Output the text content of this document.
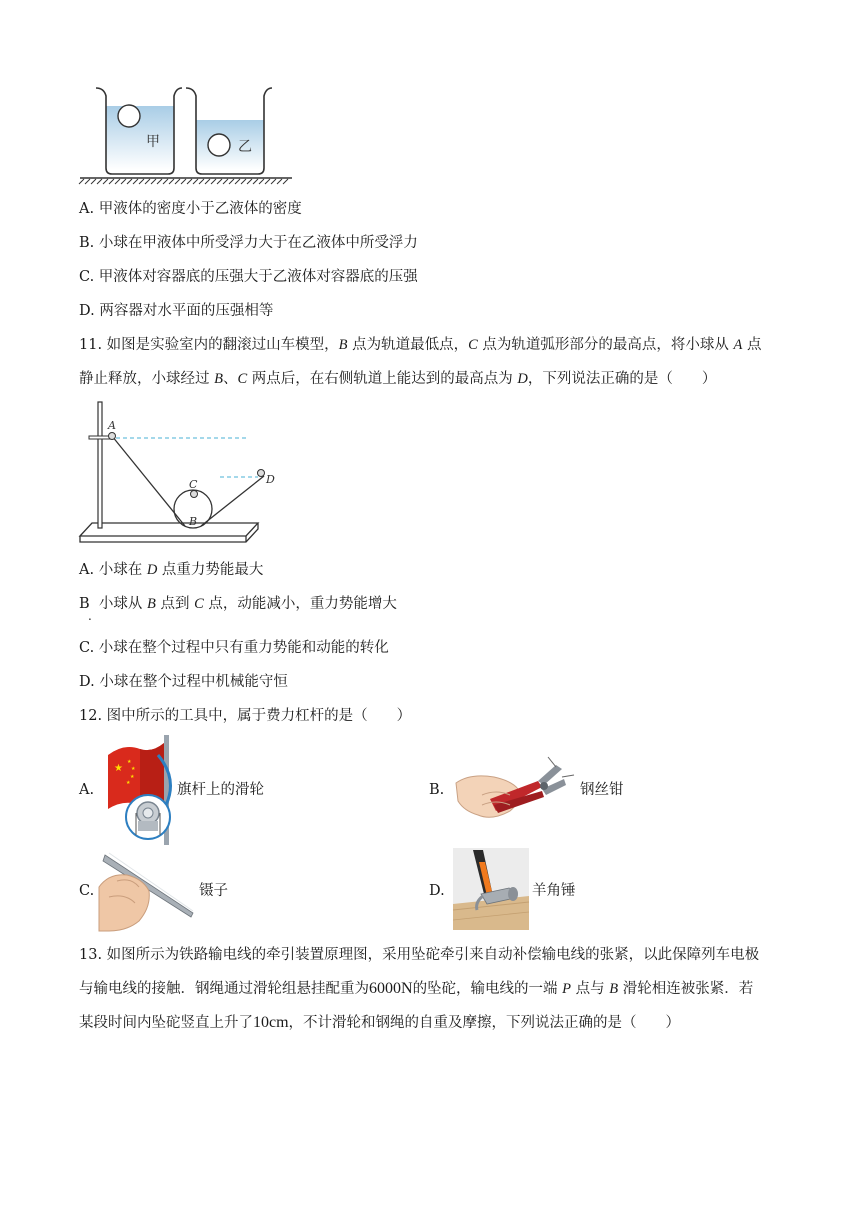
甲	乙
A. 甲液体的密度小于乙液体的密度
B. 小球在甲液体中所受浮力大于在乙液体中所受浮力
C. 甲液体对容器底的压强大于乙液体对容器底的压强
D. 两容器对水平面的压强相等
11. 如图是实验室内的翻滚过山车模型，B 点为轨道最低点，C 点为轨道弧形部分的最高点，将小球从 A 点
静止释放，小球经过 B、C 两点后，在右侧轨道上能达到的最高点为 D，下列说法正确的是（　　）
A
C
B
D
A. 小球在 D 点重力势能最大
B 小球从 B 点到 C 点，动能减小，重力势能增大
.
C. 小球在整个过程中只有重力势能和动能的转化
D. 小球在整个过程中机械能守恒
12. 图中所示的工具中，属于费力杠杆的是（　　）
A.
★
★
★
★
★	旗杆上的滑轮	B.	钢丝钳
C.	镊子	D.	羊角锤
13. 如图所示为铁路输电线的牵引装置原理图，采用坠砣牵引来自动补偿输电线的张紧，以此保障列车电极
与输电线的接触．钢绳通过滑轮组悬挂配重为6000N的坠砣，输电线的一端 P 点与 B 滑轮相连被张紧．若
某段时间内坠砣竖直上升了10cm，不计滑轮和钢绳的自重及摩擦，下列说法正确的是（　　）
